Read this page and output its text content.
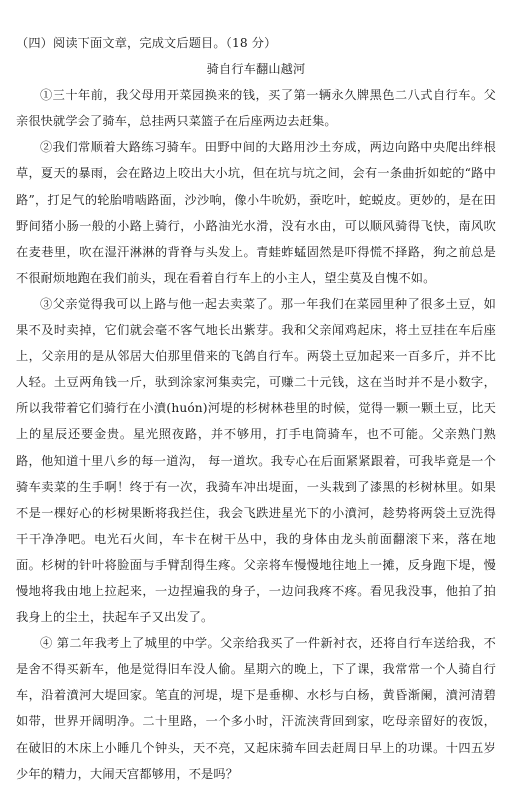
（四）阅读下面文章，完成文后题目。（18 分）

骑自行车翻山越河

①三十年前，我父母用开菜园换来的钱，买了第一辆永久牌黑色二八式自行车。父亲很快就学会了骑车，总挂两只菜篮子在后座两边去赶集。

②我们常顺着大路练习骑车。田野中间的大路用沙土夯成，两边向路中央爬出绊根草，夏天的暴雨，会在路边上咬出大小坑，但在坑与坑之间，会有一条曲折如蛇的“路中路”，打足气的轮胎啃啮路面，沙沙响，像小牛吮奶，蚕吃叶，蛇蜕皮。更妙的，是在田野间猪小肠一般的小路上骑行，小路油光水滑，没有水由，可以顺风骑得飞快，南风吹在麦巷里，吹在湿汗淋淋的背脊与头发上。青蛙蚱蜢固然是吓得慌不择路，狗之前总是不很耐烦地跑在我们前头，现在看着自行车上的小主人，望尘莫及自愧不如。

③父亲觉得我可以上路与他一起去卖菜了。那一年我们在菜园里种了很多土豆，如果不及时卖掉，它们就会毫不客气地长出紫芽。我和父亲闻鸡起床，将土豆挂在车后座上，父亲用的是从邻居大伯那里借来的飞鸽自行车。两袋土豆加起来一百多斤，并不比人轻。土豆两角钱一斤，驮到涂家河集卖完，可赚二十元钱，这在当时并不是小数字，所以我带着它们骑行在小濆(huón)河堤的杉树林巷里的时候，觉得一颗一颗土豆，比天上的星辰还要金贵。星光照夜路，并不够用，打手电筒骑车，也不可能。父亲熟门熟路，他知道十里八乡的每一道沟， 每一道坎。我专心在后面紧紧跟着，可我毕竟是一个骑车卖菜的生手啊！终于有一次，我骑车冲出堤面，一头栽到了漆黑的杉树林里。如果不是一棵好心的杉树果断将我拦住，我会飞跌进星光下的小濆河，趁势将两袋土豆洗得干干净净吧。电光石火间，车卡在树干丛中，我的身体由龙头前面翻滚下来，落在地面。杉树的针叶将脸面与手臂刮得生疼。父亲将车慢慢地往地上一摊，反身跑下堤，慢慢地将我由地上拉起来，一边捏遍我的身子，一边问我疼不疼。看见我没事，他拍了拍我身上的尘土，扶起车子又出发了。

④ 第二年我考上了城里的中学。父亲给我买了一件新衬衣，还将自行车送给我，不是舍不得买新车，他是觉得旧车没人偷。星期六的晚上，下了课，我常常一个人骑自行车，沿着濆河大堤回家。笔直的河堤，堤下是垂柳、水杉与白杨，黄昏渐阑，濆河清碧如带，世界开阔明净。二十里路，一个多小时，汗流浃背回到家，吃母亲留好的夜饭，在破旧的木床上小睡几个钟头，天不亮，又起床骑车回去赶周日早上的功课。十四五岁少年的精力，大闹天宫都够用，不是吗？
